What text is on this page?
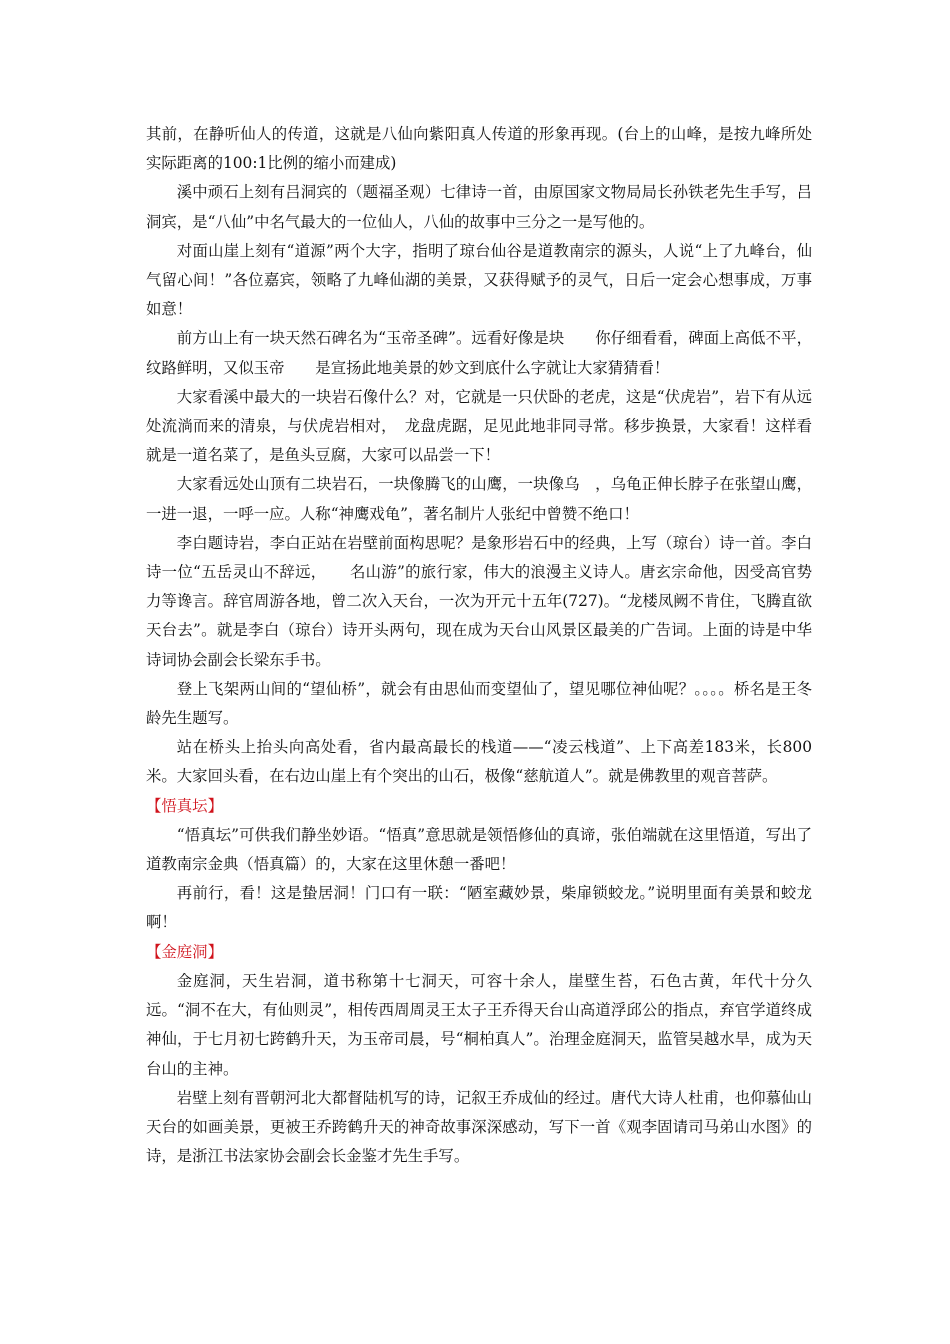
其前，在静听仙人的传道，这就是八仙向紫阳真人传道的形象再现。(台上的山峰，是按九峰所处实际距离的100:1比例的缩小而建成)

溪中顽石上刻有吕洞宾的（题福圣观）七律诗一首，由原国家文物局局长孙铁老先生手写，吕洞宾，是“八仙”中名气最大的一位仙人，八仙的故事中三分之一是写他的。

对面山崖上刻有“道源”两个大字，指明了琼台仙谷是道教南宗的源头，人说“上了九峰台，仙气留心间！”各位嘉宾，领略了九峰仙湖的美景，又获得赋予的灵气，日后一定会心想事成，万事如意！

前方山上有一块天然石碑名为“玉帝圣碑”。远看好像是块　　你仔细看看，碑面上高低不平，纹路鲜明，又似玉帝　　是宣扬此地美景的妙文到底什么字就让大家猜猜看！

大家看溪中最大的一块岩石像什么？对，它就是一只伏卧的老虎，这是“伏虎岩”，岩下有从远处流淌而来的清泉，与伏虎岩相对，　龙盘虎踞，足见此地非同寻常。移步换景，大家看！这样看就是一道名菜了，是鱼头豆腐，大家可以品尝一下！

大家看远处山顶有二块岩石，一块像腾飞的山鹰，一块像乌　，乌龟正伸长脖子在张望山鹰，一进一退，一呼一应。人称“神鹰戏龟”，著名制片人张纪中曾赞不绝口！

李白题诗岩，李白正站在岩壁前面构思呢？是象形岩石中的经典，上写（琼台）诗一首。李白诗一位“五岳灵山不辞远，　　名山游”的旅行家，伟大的浪漫主义诗人。唐玄宗命他，因受高官势力等谗言。辞官周游各地，曾二次入天台，一次为开元十五年(727)。“龙楼凤阙不肯住，飞腾直欲天台去”。就是李白（琼台）诗开头两句，现在成为天台山风景区最美的广告词。上面的诗是中华诗词协会副会长梁东手书。

登上飞架两山间的“望仙桥”，就会有由思仙而变望仙了，望见哪位神仙呢？。。。。桥名是王冬龄先生题写。

站在桥头上抬头向高处看，省内最高最长的栈道——“凌云栈道”、上下高差183米，长800米。大家回头看，在右边山崖上有个突出的山石，极像“慈航道人”。就是佛教里的观音菩萨。

【悟真坛】

“悟真坛”可供我们静坐妙语。“悟真”意思就是领悟修仙的真谛，张伯端就在这里悟道，写出了道教南宗金典（悟真篇）的，大家在这里休憩一番吧！

再前行，看！这是蛰居洞！门口有一联：“陋室藏妙景，柴扉锁蛟龙。”说明里面有美景和蛟龙啊！

【金庭洞】

金庭洞，天生岩洞，道书称第十七洞天，可容十余人，崖壁生苔，石色古黄，年代十分久远。“洞不在大，有仙则灵”，相传西周周灵王太子王乔得天台山高道浮邱公的指点，弃官学道终成神仙，于七月初七跨鹤升天，为玉帝司晨，号“桐柏真人”。治理金庭洞天，监管吴越水旱，成为天台山的主神。

岩壁上刻有晋朝河北大都督陆机写的诗，记叙王乔成仙的经过。唐代大诗人杜甫，也仰慕仙山天台的如画美景，更被王乔跨鹤升天的神奇故事深深感动，写下一首《观李固请司马弟山水图》的诗，是浙江书法家协会副会长金鉴才先生手写。
